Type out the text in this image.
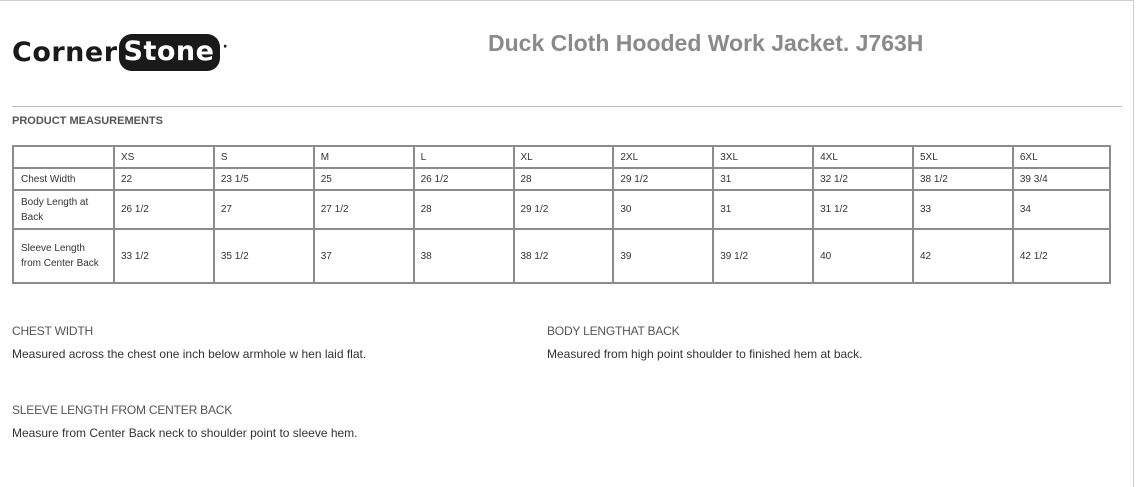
Corner Stone ·	Duck Cloth Hooded Work Jacket. J763H
PRODUCT MEASUREMENTS
	XS	S	M	L	XL	2XL	3XL	4XL	5XL	6XL
Chest Width	22	23 1/5	25	26 1/2	28	29 1/2	31	32 1/2	38 1/2	39 3/4
Body Length at Back	26 1/2	27	27 1/2	28	29 1/2	30	31	31 1/2	33	34
Sleeve Length from Center Back	33 1/2	35 1/2	37	38	38 1/2	39	39 1/2	40	42	42 1/2
CHEST WIDTH
Measured across the chest one inch below armhole w hen laid flat.
BODY LENGTHAT BACK
Measured from high point shoulder to finished hem at back.
SLEEVE LENGTH FROM CENTER BACK
Measure from Center Back neck to shoulder point to sleeve hem.
